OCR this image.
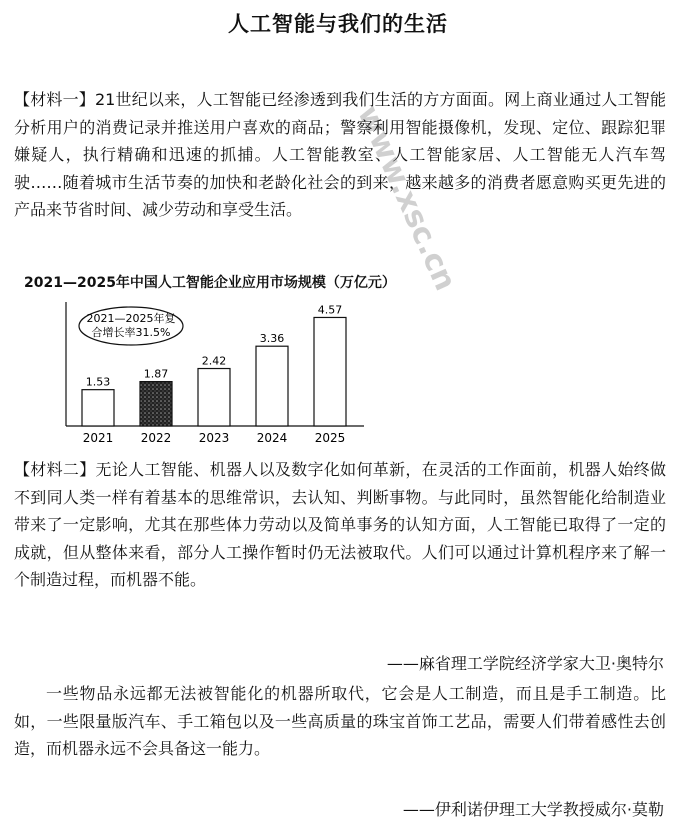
人工智能与我们的生活
www.xsc.cn

【材料一】21世纪以来，人工智能已经渗透到我们生活的方方面面。网上商业通过人工智能分析用户的消费记录并推送用户喜欢的商品；警察利用智能摄像机，发现、定位、跟踪犯罪嫌疑人，执行精确和迅速的抓捕。人工智能教室、人工智能家居、人工智能无人汽车驾驶……随着城市生活节奏的加快和老龄化社会的到来，越来越多的消费者愿意购买更先进的产品来节省时间、减少劳动和享受生活。

2021—2025年中国人工智能企业应用市场规模（万亿元）
2021—2025年复
合增长率31.5%
1.53
2021
1.87
2022
2.42
2023
3.36
2024
4.57
2025

【材料二】无论人工智能、机器人以及数字化如何革新，在灵活的工作面前，机器人始终做不到同人类一样有着基本的思维常识，去认知、判断事物。与此同时，虽然智能化给制造业带来了一定影响，尤其在那些体力劳动以及简单事务的认知方面，人工智能已取得了一定的成就，但从整体来看，部分人工操作暂时仍无法被取代。人们可以通过计算机程序来了解一个制造过程，而机器不能。

——麻省理工学院经济学家大卫·奥特尔

一些物品永远都无法被智能化的机器所取代，它会是人工制造，而且是手工制造。比如，一些限量版汽车、手工箱包以及一些高质量的珠宝首饰工艺品，需要人们带着感性去创造，而机器永远不会具备这一能力。

——伊利诺伊理工大学教授威尔·莫勒
